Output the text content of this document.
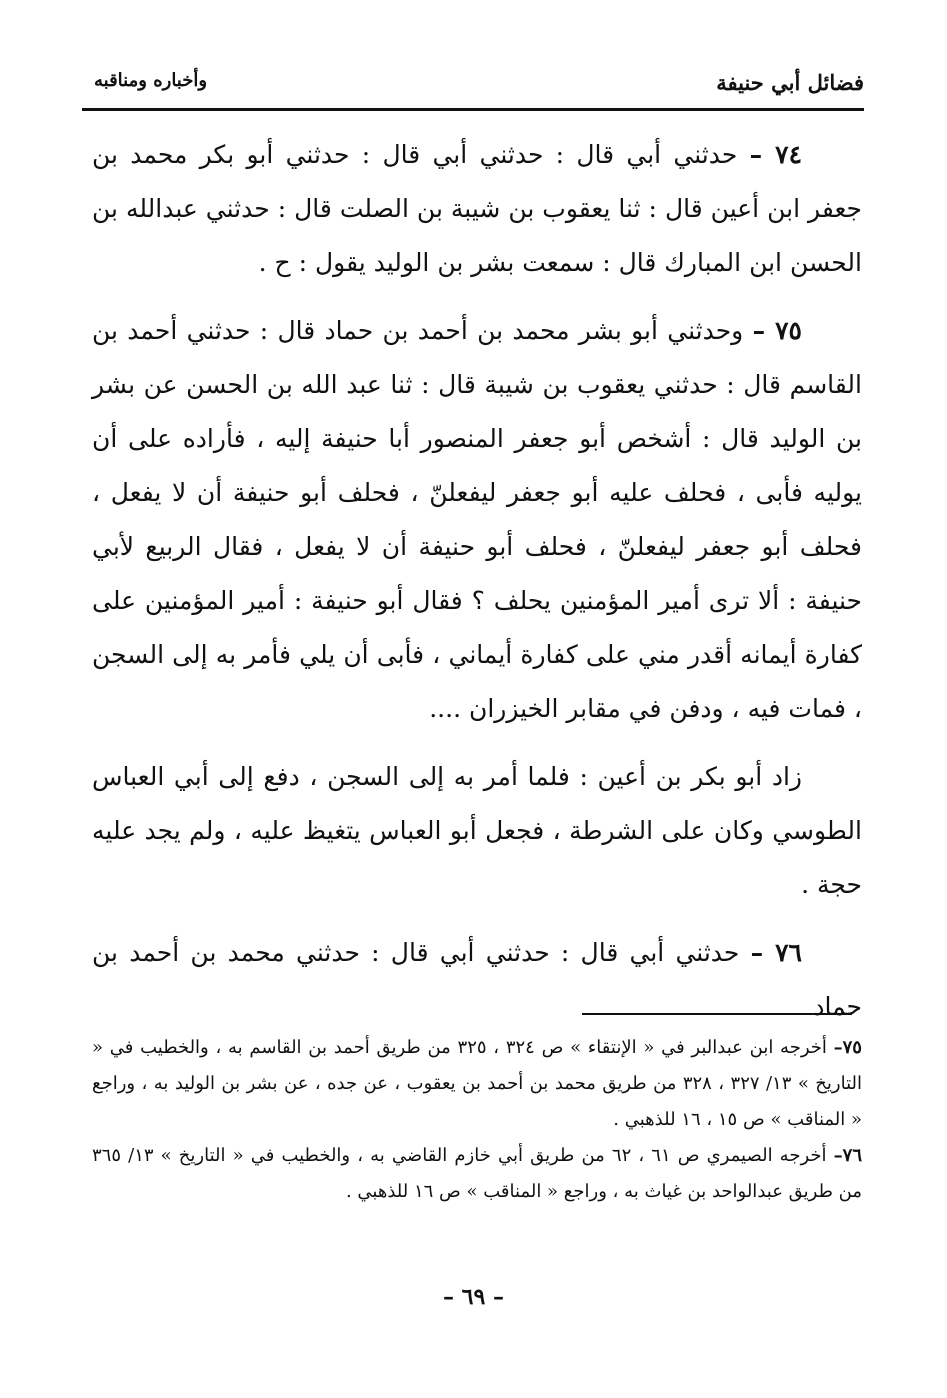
فضائل أبي حنيفة
وأخباره ومناقبه

٧٤ – حدثني أبي قال : حدثني أبي قال : حدثني أبو بكر محمد بن جعفر ابن أعين قال : ثنا يعقوب بن شيبة بن الصلت قال : حدثني عبدالله بن الحسن ابن المبارك قال : سمعت بشر بن الوليد يقول : ح .

٧٥ – وحدثني أبو بشر محمد بن أحمد بن حماد قال : حدثني أحمد بن القاسم قال : حدثني يعقوب بن شيبة قال : ثنا عبد الله بن الحسن عن بشر بن الوليد قال : أشخص أبو جعفر المنصور أبا حنيفة إليه ، فأراده على أن يوليه فأبى ، فحلف عليه أبو جعفر ليفعلنّ ، فحلف أبو حنيفة أن لا يفعل ، فحلف أبو جعفر ليفعلنّ ، فحلف أبو حنيفة أن لا يفعل ، فقال الربيع لأبي حنيفة : ألا ترى أمير المؤمنين يحلف ؟ فقال أبو حنيفة : أمير المؤمنين على كفارة أيمانه أقدر مني على كفارة أيماني ، فأبى أن يلي فأمر به إلى السجن ، فمات فيه ، ودفن في مقابر الخيزران ....

زاد أبو بكر بن أعين : فلما أمر به إلى السجن ، دفع إلى أبي العباس الطوسي وكان على الشرطة ، فجعل أبو العباس يتغيظ عليه ، ولم يجد عليه حجة .

٧٦ – حدثني أبي قال : حدثني أبي قال : حدثني محمد بن أحمد بن حماد

٧٥– أخرجه ابن عبدالبر في « الإنتقاء » ص ٣٢٤ ، ٣٢٥ من طريق أحمد بن القاسم به ، والخطيب في « التاريخ » ١٣/ ٣٢٧ ، ٣٢٨ من طريق محمد بن أحمد بن يعقوب ، عن جده ، عن بشر بن الوليد به ، وراجع « المناقب » ص ١٥ ، ١٦ للذهبي .

٧٦– أخرجه الصيمري ص ٦١ ، ٦٢ من طريق أبي خازم القاضي به ، والخطيب في « التاريخ » ١٣/ ٣٦٥ من طريق عبدالواحد بن غياث به ، وراجع « المناقب » ص ١٦ للذهبي .

– ٦٩ –
